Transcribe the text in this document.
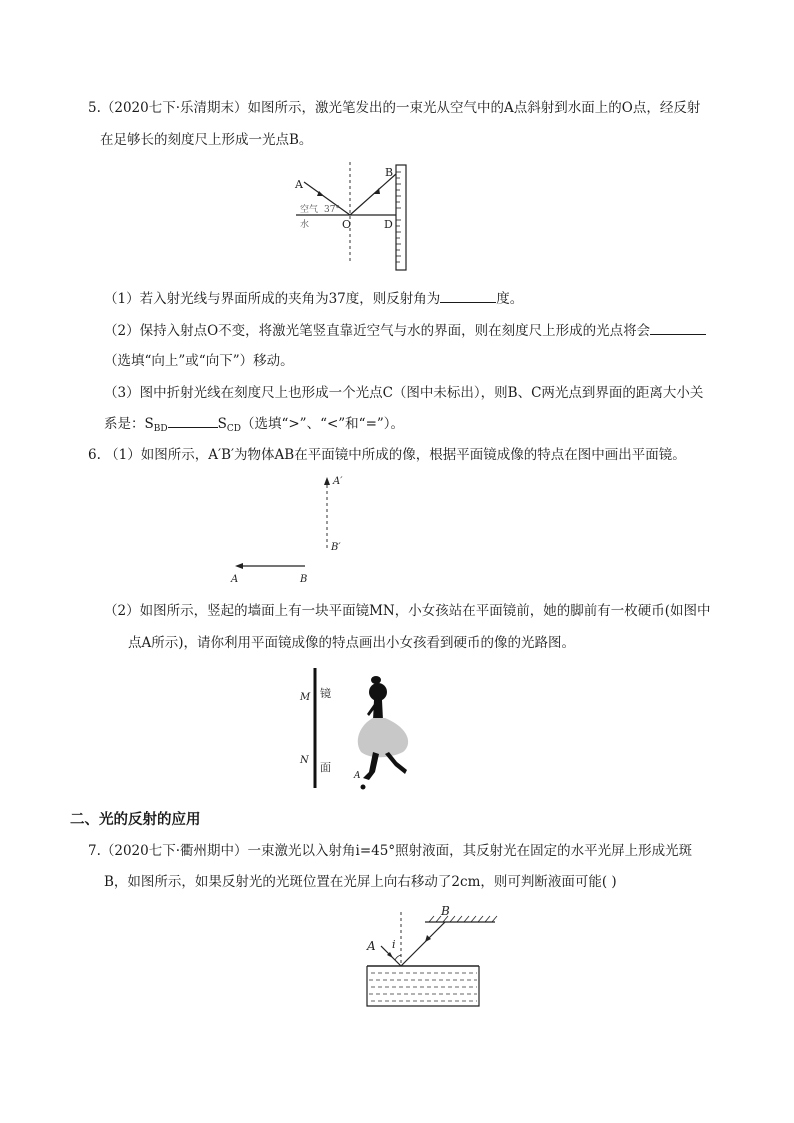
5.（2020七下·乐清期末）如图所示，激光笔发出的一束光从空气中的A点斜射到水面上的O点，经反射
在足够长的刻度尺上形成一光点B。
A
B
空气 37°
水	O	D
（1）若入射光线与界面所成的夹角为37度，则反射角为	度。
（2）保持入射点O不变，将激光笔竖直靠近空气与水的界面，则在刻度尺上形成的光点将会
（选填“向上”或“向下”）移动。
（3）图中折射光线在刻度尺上也形成一个光点C（图中未标出），则B、C两光点到界面的距离大小关
系是：$S_{BD}$	$S_{CD}$（选填“>”、“<”和“=”）。
6. （1）如图所示，A′B′为物体AB在平面镜中所成的像，根据平面镜成像的特点在图中画出平面镜。
A′
B′
A	B
（2）如图所示，竖起的墙面上有一块平面镜MN，小女孩站在平面镜前，她的脚前有一枚硬币(如图中
点A所示)，请你利用平面镜成像的特点画出小女孩看到硬币的像的光路图。
M
N
镜
面
A
二、光的反射的应用
7.（2020七下·衢州期中）一束激光以入射角i=45°照射液面，其反射光在固定的水平光屏上形成光斑
B，如图所示，如果反射光的光斑位置在光屏上向右移动了2cm，则可判断液面可能( )
A i
B
